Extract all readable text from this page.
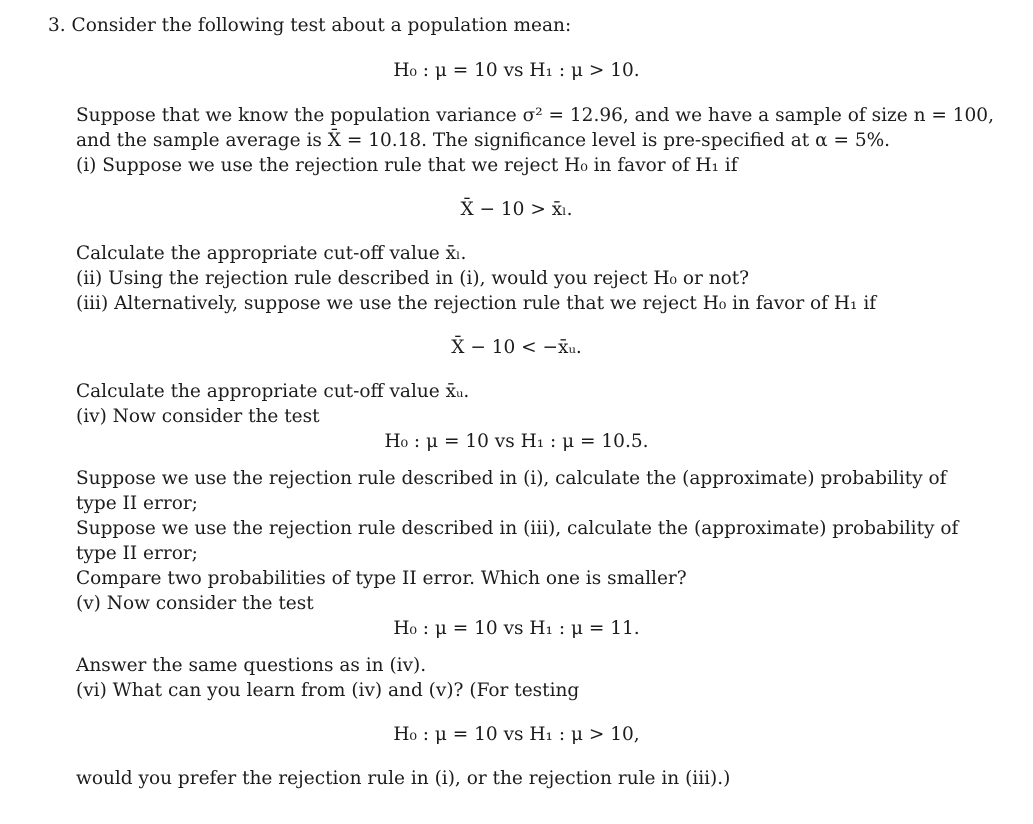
3. Consider the following test about a population mean:
H₀ : μ = 10 vs H₁ : μ > 10.
Suppose that we know the population variance σ² = 12.96, and we have a sample of size n = 100,
and the sample average is X̄ = 10.18. The significance level is pre-specified at α = 5%.
(i) Suppose we use the rejection rule that we reject H₀ in favor of H₁ if
X̄ − 10 > x̄ₗ.
Calculate the appropriate cut-off value x̄ₗ.
(ii) Using the rejection rule described in (i), would you reject H₀ or not?
(iii) Alternatively, suppose we use the rejection rule that we reject H₀ in favor of H₁ if
X̄ − 10 < −x̄ᵤ.
Calculate the appropriate cut-off value x̄ᵤ.
(iv) Now consider the test
H₀ : μ = 10 vs H₁ : μ = 10.5.
Suppose we use the rejection rule described in (i), calculate the (approximate) probability of
type II error;
Suppose we use the rejection rule described in (iii), calculate the (approximate) probability of
type II error;
Compare two probabilities of type II error. Which one is smaller?
(v) Now consider the test
H₀ : μ = 10 vs H₁ : μ = 11.
Answer the same questions as in (iv).
(vi) What can you learn from (iv) and (v)? (For testing
H₀ : μ = 10 vs H₁ : μ > 10,
would you prefer the rejection rule in (i), or the rejection rule in (iii).)
